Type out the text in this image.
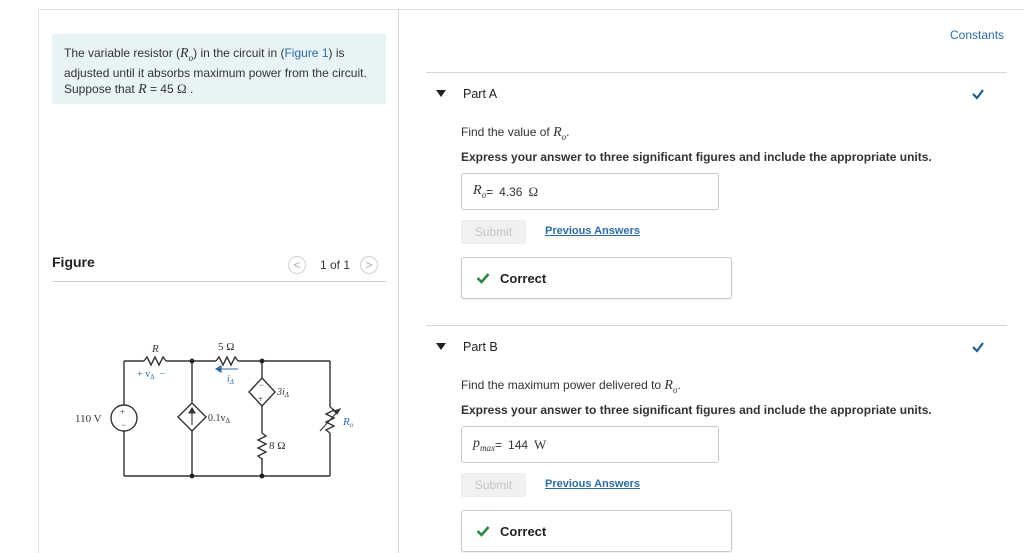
The variable resistor $(R_o)$ in the circuit in (Figure 1) is adjusted until it absorbs maximum power from the circuit. Suppose that R = 45 Ω .
Figure	< 1 of 1 >
R	5 Ω
+ $v_\Delta$ −	$i_\Delta$
110 V
+
−
$0.1v_\Delta$
−
+
$3i_\Delta$
8 Ω
Ro
Constants
Part A
Find the value of $R_o$.
Express your answer to three significant figures and include the appropriate units.
$R_o = 4.36$ Ω
Submit	Previous Answers
Correct
Part B
Find the maximum power delivered to $R_o$.
Express your answer to three significant figures and include the appropriate units.
$p_{max} = 144$ W
Submit	Previous Answers
Correct
